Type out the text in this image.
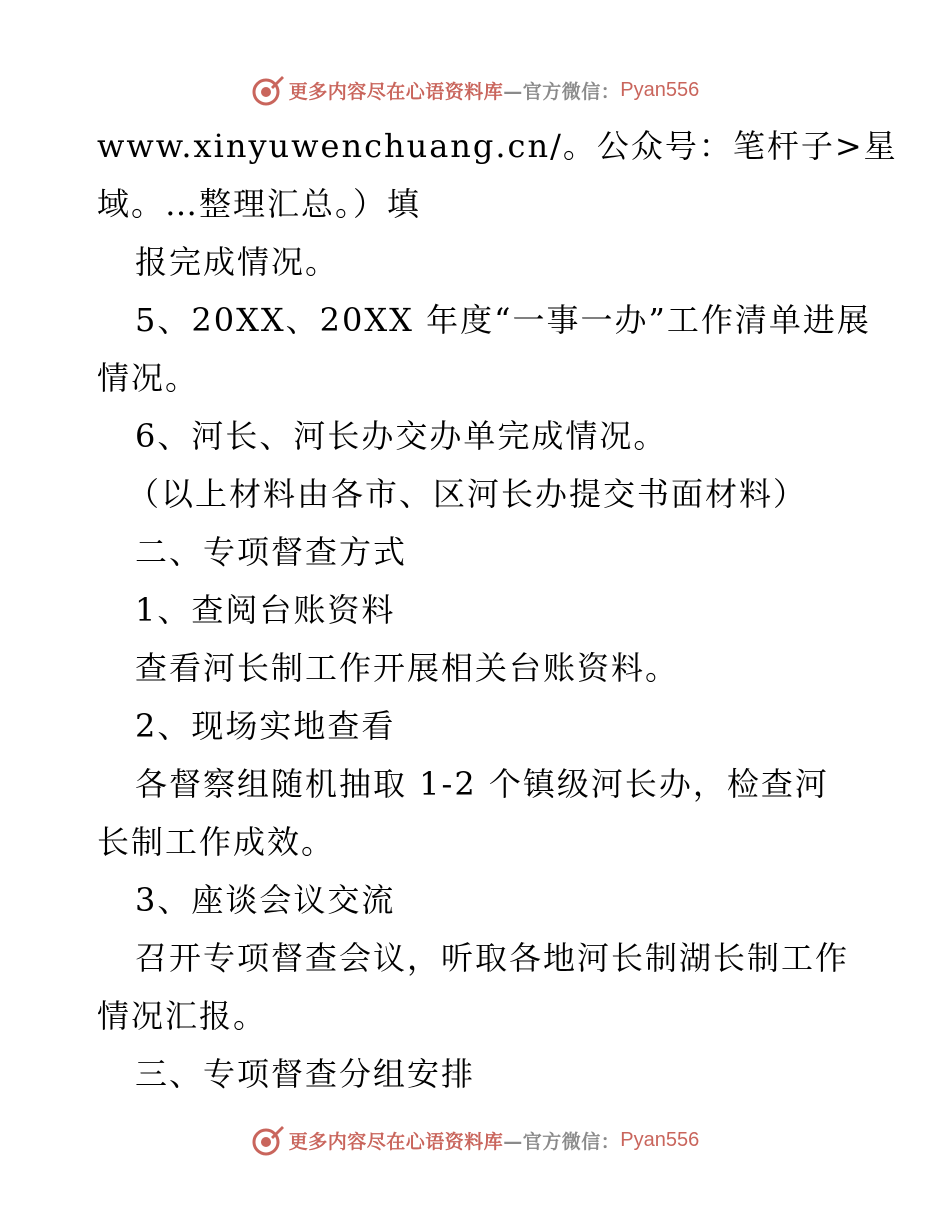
更多内容尽在心语资料库 —官方微信： Pyan556
www.xinyuwenchuang.cn/。公众号：笔杆子>星
域。…整理汇总。）填
报完成情况。
5、20XX、20XX 年度“一事一办”工作清单进展
情况。
6、河长、河长办交办单完成情况。
（以上材料由各市、区河长办提交书面材料）
二、专项督查方式
1、查阅台账资料
查看河长制工作开展相关台账资料。
2、现场实地查看
各督察组随机抽取 1-2 个镇级河长办，检查河
长制工作成效。
3、座谈会议交流
召开专项督查会议，听取各地河长制湖长制工作
情况汇报。
三、专项督查分组安排
更多内容尽在心语资料库 —官方微信： Pyan556
